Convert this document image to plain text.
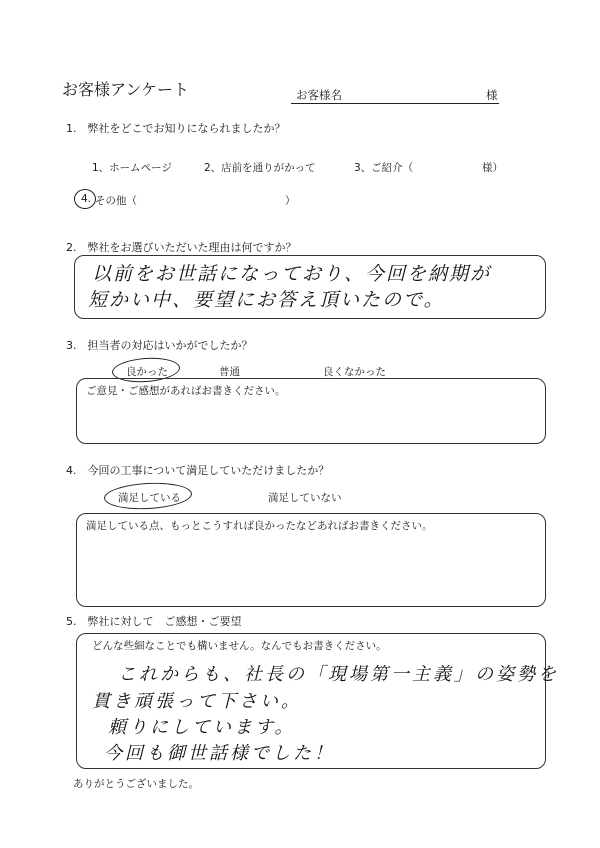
お客様アンケート	お客様名	様
1.　弊社をどこでお知りになられましたか？
1、ホームページ	2、店前を通りがかって	3、ご紹介（	様）
4. その他（	）
2.　弊社をお選びいただいた理由は何ですか？
以前をお世話になっており、今回を納期が
短かい中、要望にお答え頂いたので。
3.　担当者の対応はいかがでしたか？
良かった	普通	良くなかった
ご意見・ご感想があればお書きください。
4.　今回の工事について満足していただけましたか？
満足している	満足していない
満足している点、もっとこうすれば良かったなどあればお書きください。
5.　弊社に対して　ご感想・ご要望
どんな些細なことでも構いません。なんでもお書きください。
これからも、社長の「現場第一主義」の姿勢を
貫き頑張って下さい。
頼りにしています。
今回も御世話様でした！
ありがとうございました。
